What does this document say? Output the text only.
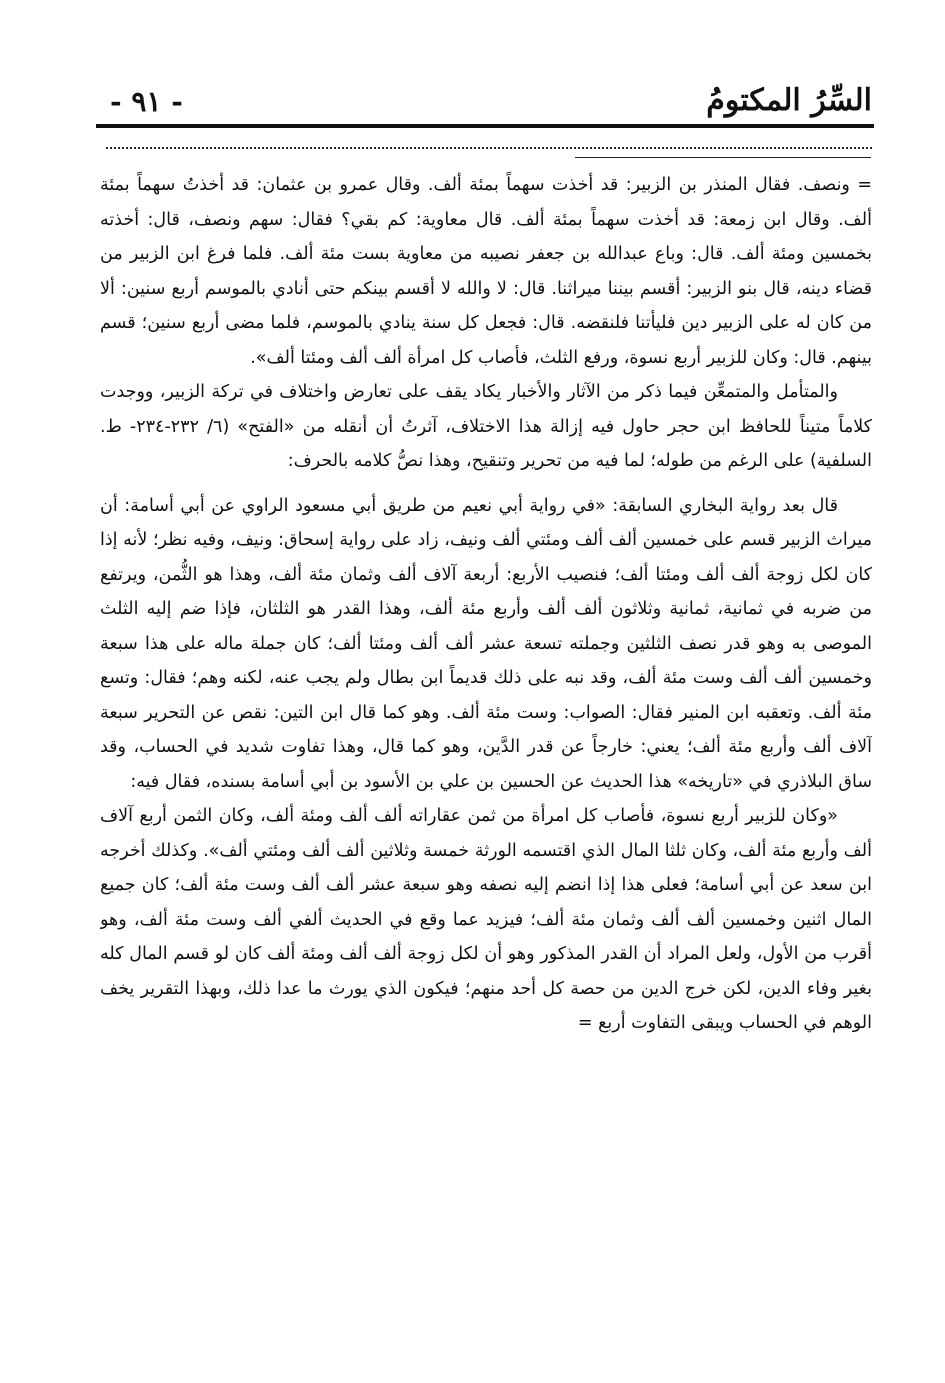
السِّرُ المكتومُ
- ٩١ -

= ونصف. فقال المنذر بن الزبير: قد أخذت سهماً بمئة ألف. وقال عمرو بن عثمان: قد أخذتُ سهماً بمئة ألف. وقال ابن زمعة: قد أخذت سهماً بمئة ألف. قال معاوية: كم بقي؟ فقال: سهم ونصف، قال: أخذته بخمسين ومئة ألف. قال: وباع عبدالله بن جعفر نصيبه من معاوية بست مئة ألف. فلما فرغ ابن الزبير من قضاء دينه، قال بنو الزبير: أقسم بيننا ميراثنا. قال: لا والله لا أقسم بينكم حتى أنادي بالموسم أربع سنين: ألا من كان له على الزبير دين فليأتنا فلنقضه. قال: فجعل كل سنة ينادي بالموسم، فلما مضى أربع سنين؛ قسم بينهم. قال: وكان للزبير أربع نسوة، ورفع الثلث، فأصاب كل امرأة ألف ألف ومئتا ألف».

والمتأمل والمتمعِّن فيما ذكر من الآثار والأخبار يكاد يقف على تعارض واختلاف في تركة الزبير، ووجدت كلاماً متيناً للحافظ ابن حجر حاول فيه إزالة هذا الاختلاف، آثرتُ أن أنقله من «الفتح» (٦/ ٢٣٢-٢٣٤- ط. السلفية) على الرغم من طوله؛ لما فيه من تحرير وتنقيح، وهذا نصُّ كلامه بالحرف:

قال بعد رواية البخاري السابقة: «في رواية أبي نعيم من طريق أبي مسعود الراوي عن أبي أسامة: أن ميراث الزبير قسم على خمسين ألف ألف ومئتي ألف ونيف، زاد على رواية إسحاق: ونيف، وفيه نظر؛ لأنه إذا كان لكل زوجة ألف ألف ومئتا ألف؛ فنصيب الأربع: أربعة آلاف ألف وثمان مئة ألف، وهذا هو الثُّمن، ويرتفع من ضربه في ثمانية، ثمانية وثلاثون ألف ألف وأربع مئة ألف، وهذا القدر هو الثلثان، فإذا ضم إليه الثلث الموصى به وهو قدر نصف الثلثين وجملته تسعة عشر ألف ألف ومئتا ألف؛ كان جملة ماله على هذا سبعة وخمسين ألف ألف وست مئة ألف، وقد نبه على ذلك قديماً ابن بطال ولم يجب عنه، لكنه وهم؛ فقال: وتسع مئة ألف. وتعقبه ابن المنير فقال: الصواب: وست مئة ألف. وهو كما قال ابن التين: نقص عن التحرير سبعة آلاف ألف وأربع مئة ألف؛ يعني: خارجاً عن قدر الدَّين، وهو كما قال، وهذا تفاوت شديد في الحساب، وقد ساق البلاذري في «تاريخه» هذا الحديث عن الحسين بن علي بن الأسود بن أبي أسامة بسنده، فقال فيه:

«وكان للزبير أربع نسوة، فأصاب كل امرأة من ثمن عقاراته ألف ألف ومئة ألف، وكان الثمن أربع آلاف ألف وأربع مئة ألف، وكان ثلثا المال الذي اقتسمه الورثة خمسة وثلاثين ألف ألف ومئتي ألف». وكذلك أخرجه ابن سعد عن أبي أسامة؛ فعلى هذا إذا انضم إليه نصفه وهو سبعة عشر ألف ألف وست مئة ألف؛ كان جميع المال اثنين وخمسين ألف ألف وثمان مئة ألف؛ فيزيد عما وقع في الحديث ألفي ألف وست مئة ألف، وهو أقرب من الأول، ولعل المراد أن القدر المذكور وهو أن لكل زوجة ألف ألف ومئة ألف كان لو قسم المال كله بغير وفاء الدين، لكن خرج الدين من حصة كل أحد منهم؛ فيكون الذي يورث ما عدا ذلك، وبهذا التقرير يخف الوهم في الحساب ويبقى التفاوت أربع =
